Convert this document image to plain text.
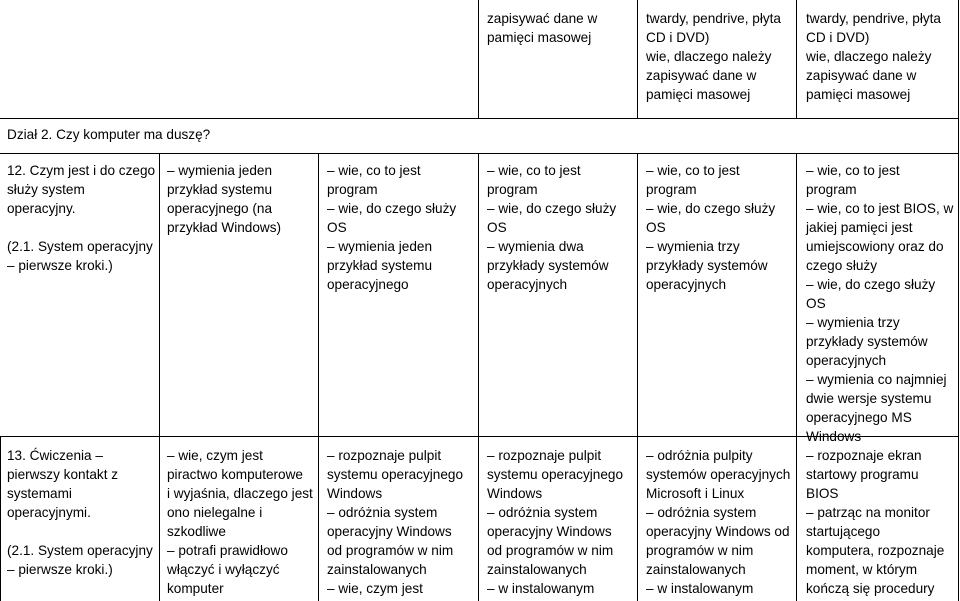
zapisywać dane w
pamięci masowej
twardy, pendrive, płyta
CD i DVD)
wie, dlaczego należy
zapisywać dane w
pamięci masowej
twardy, pendrive, płyta
CD i DVD)
wie, dlaczego należy
zapisywać dane w
pamięci masowej
Dział 2. Czy komputer ma duszę?
12. Czym jest i do czego
służy system
operacyjny.

(2.1. System operacyjny
– pierwsze kroki.)
– wymienia jeden
przykład systemu
operacyjnego (na
przykład Windows)
– wie, co to jest
program
– wie, do czego służy
OS
– wymienia jeden
przykład systemu
operacyjnego
– wie, co to jest
program
– wie, do czego służy
OS
– wymienia dwa
przykłady systemów
operacyjnych
– wie, co to jest
program
– wie, do czego służy
OS
– wymienia trzy
przykłady systemów
operacyjnych
– wie, co to jest
program
– wie, co to jest BIOS, w
jakiej pamięci jest
umiejscowiony oraz do
czego służy
– wie, do czego służy
OS
– wymienia trzy
przykłady systemów
operacyjnych
– wymienia co najmniej
dwie wersje systemu
operacyjnego MS
Windows
13. Ćwiczenia –
pierwszy kontakt z
systemami
operacyjnymi.

(2.1. System operacyjny
– pierwsze kroki.)
– wie, czym jest
piractwo komputerowe
i wyjaśnia, dlaczego jest
ono nielegalne i
szkodliwe
– potrafi prawidłowo
włączyć i wyłączyć
komputer
– rozpoznaje pulpit
systemu operacyjnego
Windows
– odróżnia system
operacyjny Windows
od programów w nim
zainstalowanych
– wie, czym jest
– rozpoznaje pulpit
systemu operacyjnego
Windows
– odróżnia system
operacyjny Windows
od programów w nim
zainstalowanych
– w instalowanym
– odróżnia pulpity
systemów operacyjnych
Microsoft i Linux
– odróżnia system
operacyjny Windows od
programów w nim
zainstalowanych
– w instalowanym
– rozpoznaje ekran
startowy programu
BIOS
– patrząc na monitor
startującego
komputera, rozpoznaje
moment, w którym
kończą się procedury
